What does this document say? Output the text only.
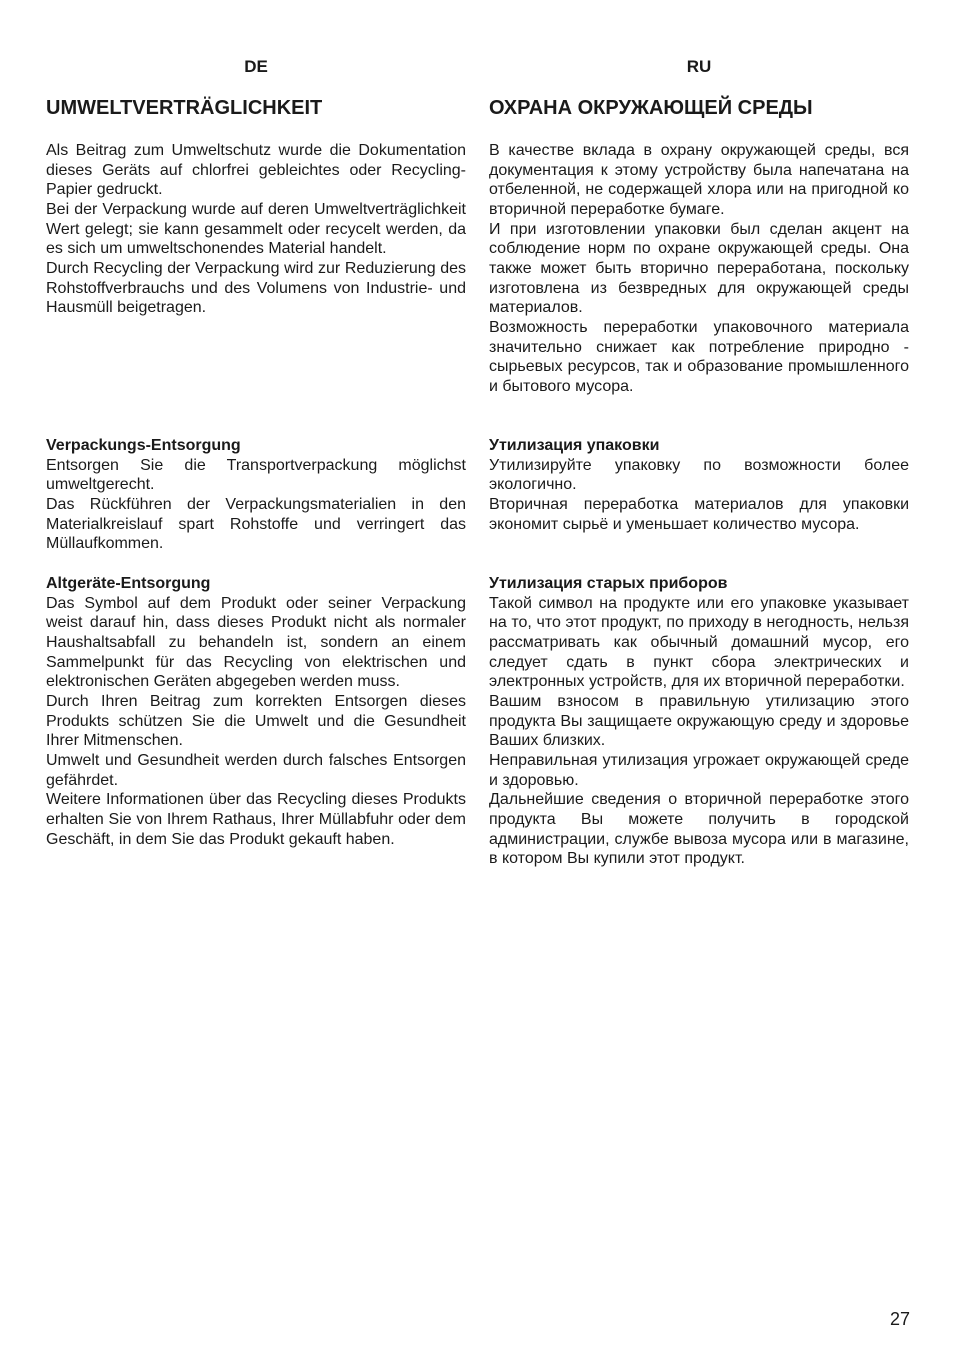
DE
UMWELTVERTRÄGLICHKEIT

Als Beitrag zum Umweltschutz wurde die Dokumentation dieses Geräts auf chlorfrei gebleichtes oder Recycling-Papier gedruckt.

Bei der Verpackung wurde auf deren Umweltverträglichkeit Wert gelegt; sie kann gesammelt oder recycelt werden, da es sich um umweltschonendes Material handelt.

Durch Recycling der Verpackung wird zur Reduzierung des Rohstoffverbrauchs und des Volumens von Industrie- und Hausmüll beigetragen.

Verpackungs-Entsorgung

Entsorgen Sie die Transportverpackung möglichst umweltgerecht.

Das Rückführen der Verpackungsmaterialien in den Materialkreislauf spart Rohstoffe und verringert das Müllaufkommen.

Altgeräte-Entsorgung

Das Symbol auf dem Produkt oder seiner Verpackung weist darauf hin, dass dieses Produkt nicht als normaler Haushaltsabfall zu behandeln ist, sondern an einem Sammelpunkt für das Recycling von elektrischen und elektronischen Geräten abgegeben werden muss.

Durch Ihren Beitrag zum korrekten Entsorgen dieses Produkts schützen Sie die Umwelt und die Gesundheit Ihrer Mitmenschen.

Umwelt und Gesundheit werden durch falsches Entsorgen gefährdet.

Weitere Informationen über das Recycling dieses Produkts erhalten Sie von Ihrem Rathaus, Ihrer Müllabfuhr oder dem Geschäft, in dem Sie das Produkt gekauft haben.

RU
ОХРАНА ОКРУЖАЮЩЕЙ СРЕДЫ

В качестве вклада в охрану окружающей среды, вся документация к этому устройству была напечатана на отбеленной, не содержащей хлора или на пригодной ко вторичной переработке бумаге.

И при изготовлении упаковки был сделан акцент на соблюдение норм по охране окружающей среды. Она также может быть вторично переработана, поскольку изготовлена из безвредных для окружающей среды материалов.

Возможность переработки упаковочного материала значительно снижает как потребление природно - сырьевых ресурсов, так и образование промышленного и бытового мусора.

Утилизация упаковки

Утилизируйте упаковку по возможности более экологично.

Вторичная переработка материалов для упаковки экономит сырьё и уменьшает количество мусора.

Утилизация старых приборов

Такой символ на продукте или его упаковке указывает на то, что этот продукт, по приходу в негодность, нельзя рассматривать как обычный домашний мусор, его следует сдать в пункт сбора электрических и электронных устройств, для их вторичной переработки.

Вашим взносом в правильную утилизацию этого продукта Вы защищаете окружающую среду и здоровье Ваших близких.

Неправильная утилизация угрожает окружающей среде и здоровью.

Дальнейшие сведения о вторичной переработке этого продукта Вы можете получить в городской администрации, службе вывоза мусора или в магазине, в котором Вы купили этот продукт.

27
